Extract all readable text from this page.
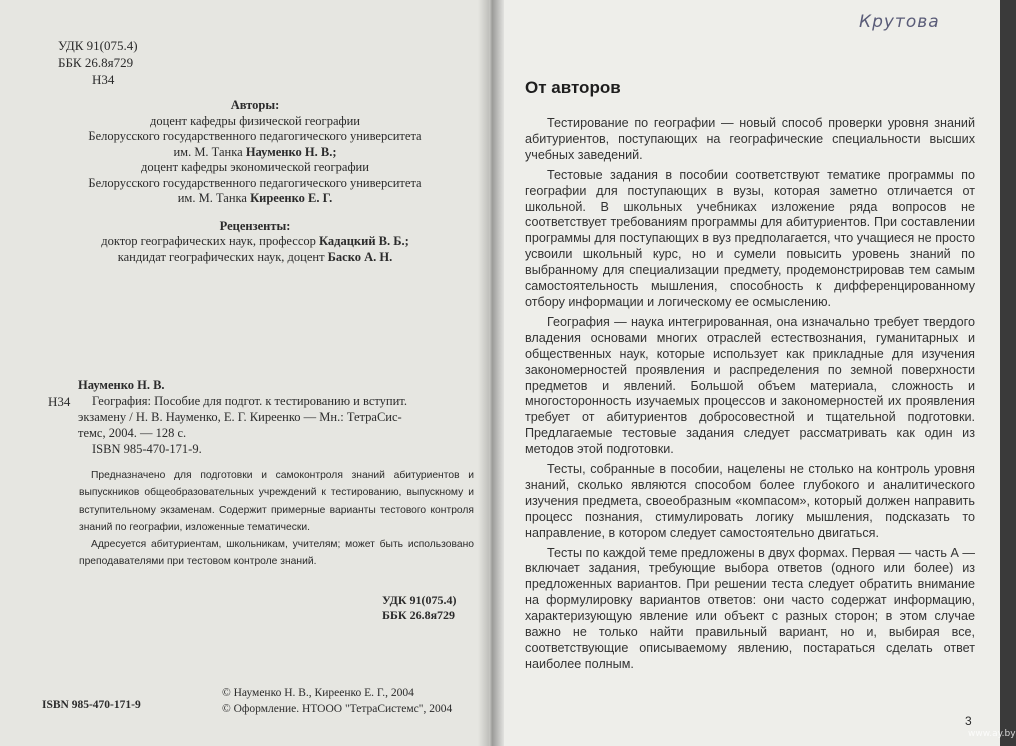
УДК 91(075.4)
ББК 26.8я729
Н34
Авторы:
доцент кафедры физической географии
Белорусского государственного педагогического университета
им. М. Танка Науменко Н. В.;
доцент кафедры экономической географии
Белорусского государственного педагогического университета
им. М. Танка Киреенко Е. Г.
Рецензенты:
доктор географических наук, профессор Кадацкий В. Б.;
кандидат географических наук, доцент Баско А. Н.
Науменко Н. В.
География: Пособие для подгот. к тестированию и вступит.
экзамену / Н. В. Науменко, Е. Г. Киреенко — Мн.: ТетраСис-
темс, 2004. — 128 с.
ISBN 985-470-171-9.
Н34

Предназначено для подготовки и самоконтроля знаний абитуриентов и выпускников общеобразовательных учреждений к тестированию, выпускному и вступительному экзаменам. Содержит примерные варианты тестового контроля знаний по географии, изложенные тематически.

Адресуется абитуриентам, школьникам, учителям; может быть использовано преподавателями при тестовом контроле знаний.

УДК 91(075.4)
ББК 26.8я729
ISBN 985-470-171-9
© Науменко Н. В., Киреенко Е. Г., 2004
© Оформление. НТООО "ТетраСистемс", 2004
Крутова
От авторов

Тестирование по географии — новый способ проверки уровня знаний абитуриентов, поступающих на географические специальности высших учебных заведений.

Тестовые задания в пособии соответствуют тематике программы по географии для поступающих в вузы, которая заметно отличается от школьной. В школьных учебниках изложение ряда вопросов не соответствует требованиям программы для абитуриентов. При составлении программы для поступающих в вуз предполагается, что учащиеся не просто усвоили школьный курс, но и сумели повысить уровень знаний по выбранному для специализации предмету, продемонстрировав тем самым самостоятельность мышления, способность к дифференцированному отбору информации и логическому ее осмыслению.

География — наука интегрированная, она изначально требует твердого владения основами многих отраслей естествознания, гуманитарных и общественных наук, которые использует как прикладные для изучения закономерностей проявления и распределения по земной поверхности предметов и явлений. Большой объем материала, сложность и многосторонность изучаемых процессов и закономерностей их проявления требует от абитуриентов добросовестной и тщательной подготовки. Предлагаемые тестовые задания следует рассматривать как один из методов этой подготовки.

Тесты, собранные в пособии, нацелены не столько на контроль уровня знаний, сколько являются способом более глубокого и аналитического изучения предмета, своеобразным «компасом», который должен направить процесс познания, стимулировать логику мышления, подсказать то направление, в котором следует самостоятельно двигаться.

Тесты по каждой теме предложены в двух формах. Первая — часть А — включает задания, требующие выбора ответов (одного или более) из предложенных вариантов. При решении теста следует обратить внимание на формулировку вариантов ответов: они часто содержат информацию, характеризующую явление или объект с разных сторон; в этом случае важно не только найти правильный вариант, но и, выбирая все, соответствующие описываемому явлению, постараться сделать ответ наиболее полным.

3
www.ay.by
